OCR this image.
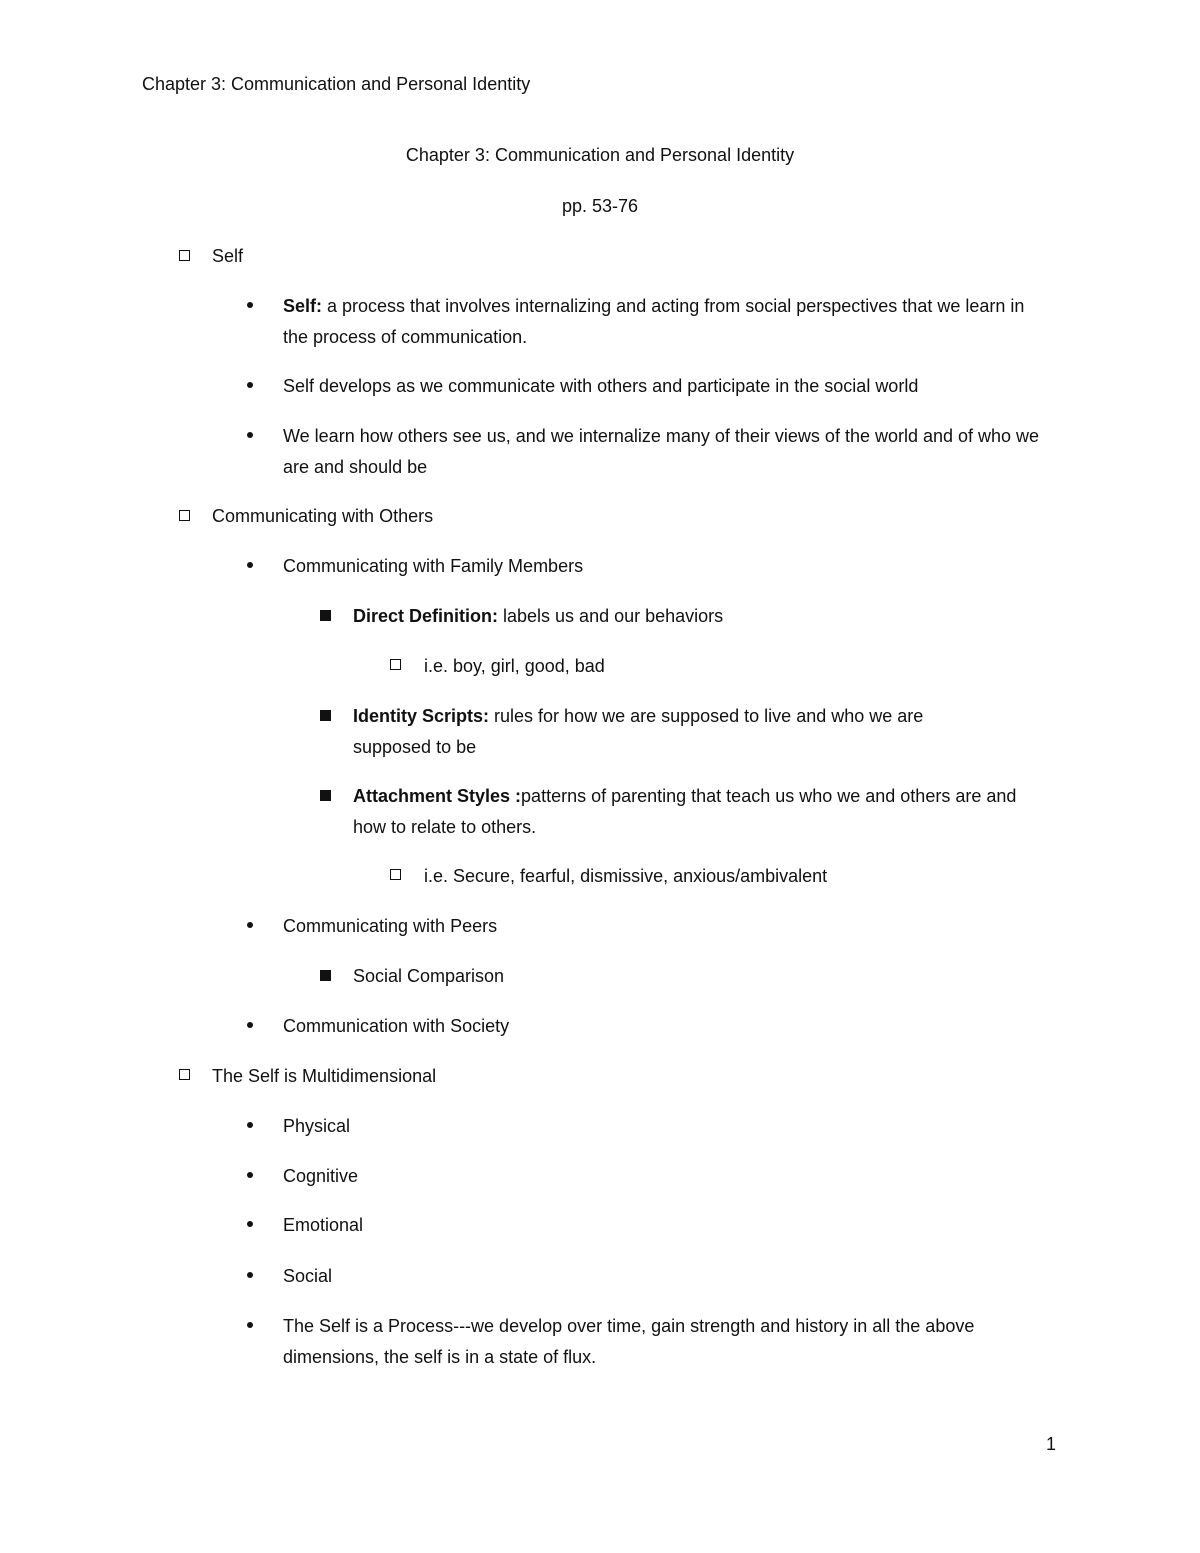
Chapter 3: Communication and Personal Identity
Chapter 3: Communication and Personal Identity
pp. 53-76
Self
Self: a process that involves internalizing and acting from social perspectives that we learn in the process of communication.
Self develops as we communicate with others and participate in the social world
We learn how others see us, and we internalize many of their views of the world and of who we are and should be
Communicating with Others
Communicating with Family Members
Direct Definition: labels us and our behaviors
i.e. boy, girl, good, bad
Identity Scripts: rules for how we are supposed to live and who we are supposed to be
Attachment Styles :patterns of parenting that teach us who we and others are and how to relate to others.
i.e. Secure, fearful, dismissive, anxious/ambivalent
Communicating with Peers
Social Comparison
Communication with Society
The Self is Multidimensional
Physical
Cognitive
Emotional
Social
The Self is a Process---we develop over time, gain strength and history in all the above dimensions, the self is in a state of flux.
1
